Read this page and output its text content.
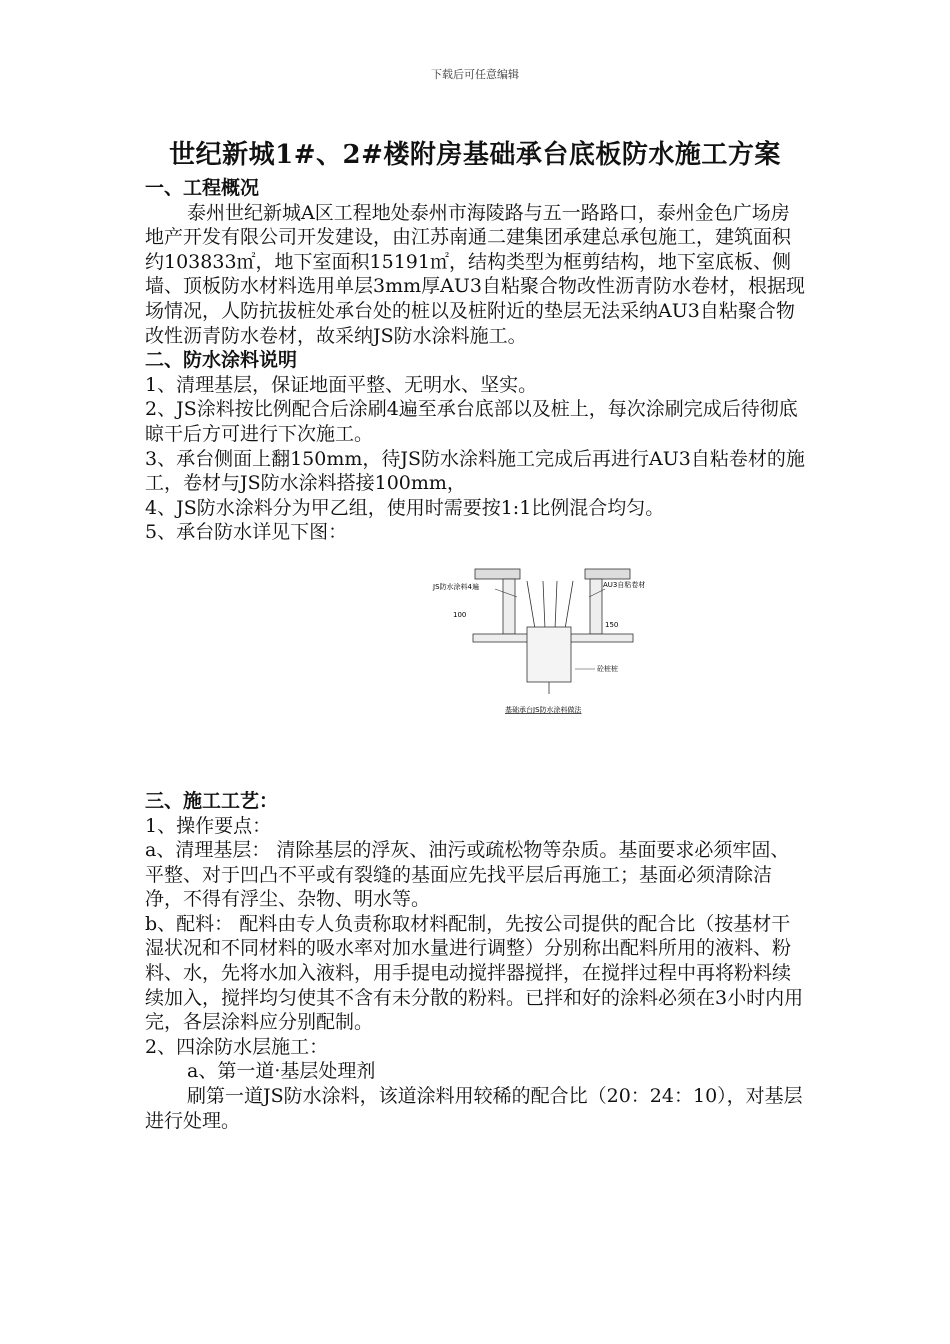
下载后可任意编辑
世纪新城1#、2#楼附房基础承台底板防水施工方案

一、工程概况

泰州世纪新城A区工程地处泰州市海陵路与五一路路口，泰州金色广场房地产开发有限公司开发建设，由江苏南通二建集团承建总承包施工，建筑面积约103833㎡，地下室面积15191㎡，结构类型为框剪结构，地下室底板、侧墙、顶板防水材料选用单层3mm厚AU3自粘聚合物改性沥青防水卷材，根据现场情况，人防抗拔桩处承台处的桩以及桩附近的垫层无法采纳AU3自粘聚合物改性沥青防水卷材，故采纳JS防水涂料施工。

二、防水涂料说明

1、清理基层，保证地面平整、无明水、坚实。

2、JS涂料按比例配合后涂刷4遍至承台底部以及桩上，每次涂刷完成后待彻底晾干后方可进行下次施工。

3、承台侧面上翻150mm，待JS防水涂料施工完成后再进行AU3自粘卷材的施工，卷材与JS防水涂料搭接100mm，

4、JS防水涂料分为甲乙组，使用时需要按1:1比例混合均匀。

5、承台防水详见下图：

JS防水涂料4遍	AU3自粘卷材
100
150
砼桩桩
基础承台JS防水涂料做法

三、施工工艺：

1、操作要点：

a、清理基层： 清除基层的浮灰、油污或疏松物等杂质。基面要求必须牢固、平整、对于凹凸不平或有裂缝的基面应先找平层后再施工；基面必须清除洁净，不得有浮尘、杂物、明水等。

b、配料： 配料由专人负责称取材料配制，先按公司提供的配合比（按基材干湿状况和不同材料的吸水率对加水量进行调整）分别称出配料所用的液料、粉料、水，先将水加入液料，用手提电动搅拌器搅拌，在搅拌过程中再将粉料续续加入，搅拌均匀使其不含有未分散的粉料。已拌和好的涂料必须在3小时内用完，各层涂料应分别配制。

2、四涂防水层施工：

a、第一道·基层处理剂

刷第一道JS防水涂料，该道涂料用较稀的配合比（20：24：10），对基层进行处理。
